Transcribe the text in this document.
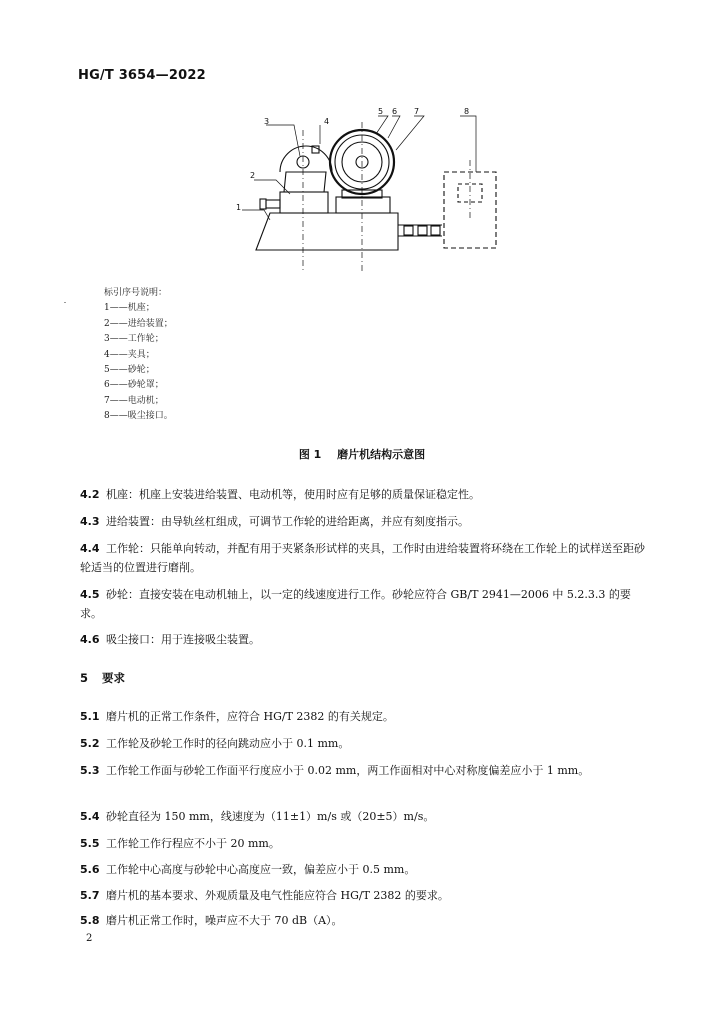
HG/T 3654—2022
1
2
3	4
5 6 7	8
标引序号说明：
1——机座；
2——进给装置；
3——工作轮；
4——夹具；
5——砂轮；
6——砂轮罩；
7——电动机；
8——吸尘接口。
图 1 磨片机结构示意图
4.2 机座：机座上安装进给装置、电动机等，使用时应有足够的质量保证稳定性。
4.3 进给装置：由导轨丝杠组成，可调节工作轮的进给距离，并应有刻度指示。
4.4 工作轮：只能单向转动，并配有用于夹紧条形试样的夹具，工作时由进给装置将环绕在工作轮上的试样送至距砂轮适当的位置进行磨削。
4.5 砂轮：直接安装在电动机轴上，以一定的线速度进行工作。砂轮应符合 GB/T 2941—2006 中 5.2.3.3 的要求。
4.6 吸尘接口：用于连接吸尘装置。
5 要求
5.1 磨片机的正常工作条件，应符合 HG/T 2382 的有关规定。
5.2 工作轮及砂轮工作时的径向跳动应小于 0.1 mm。
5.3 工作轮工作面与砂轮工作面平行度应小于 0.02 mm，两工作面相对中心对称度偏差应小于 1 mm。
5.4 砂轮直径为 150 mm，线速度为（11±1）m/s 或（20±5）m/s。
5.5 工作轮工作行程应不小于 20 mm。
5.6 工作轮中心高度与砂轮中心高度应一致，偏差应小于 0.5 mm。
5.7 磨片机的基本要求、外观质量及电气性能应符合 HG/T 2382 的要求。
5.8 磨片机正常工作时，噪声应不大于 70 dB（A）。
2
